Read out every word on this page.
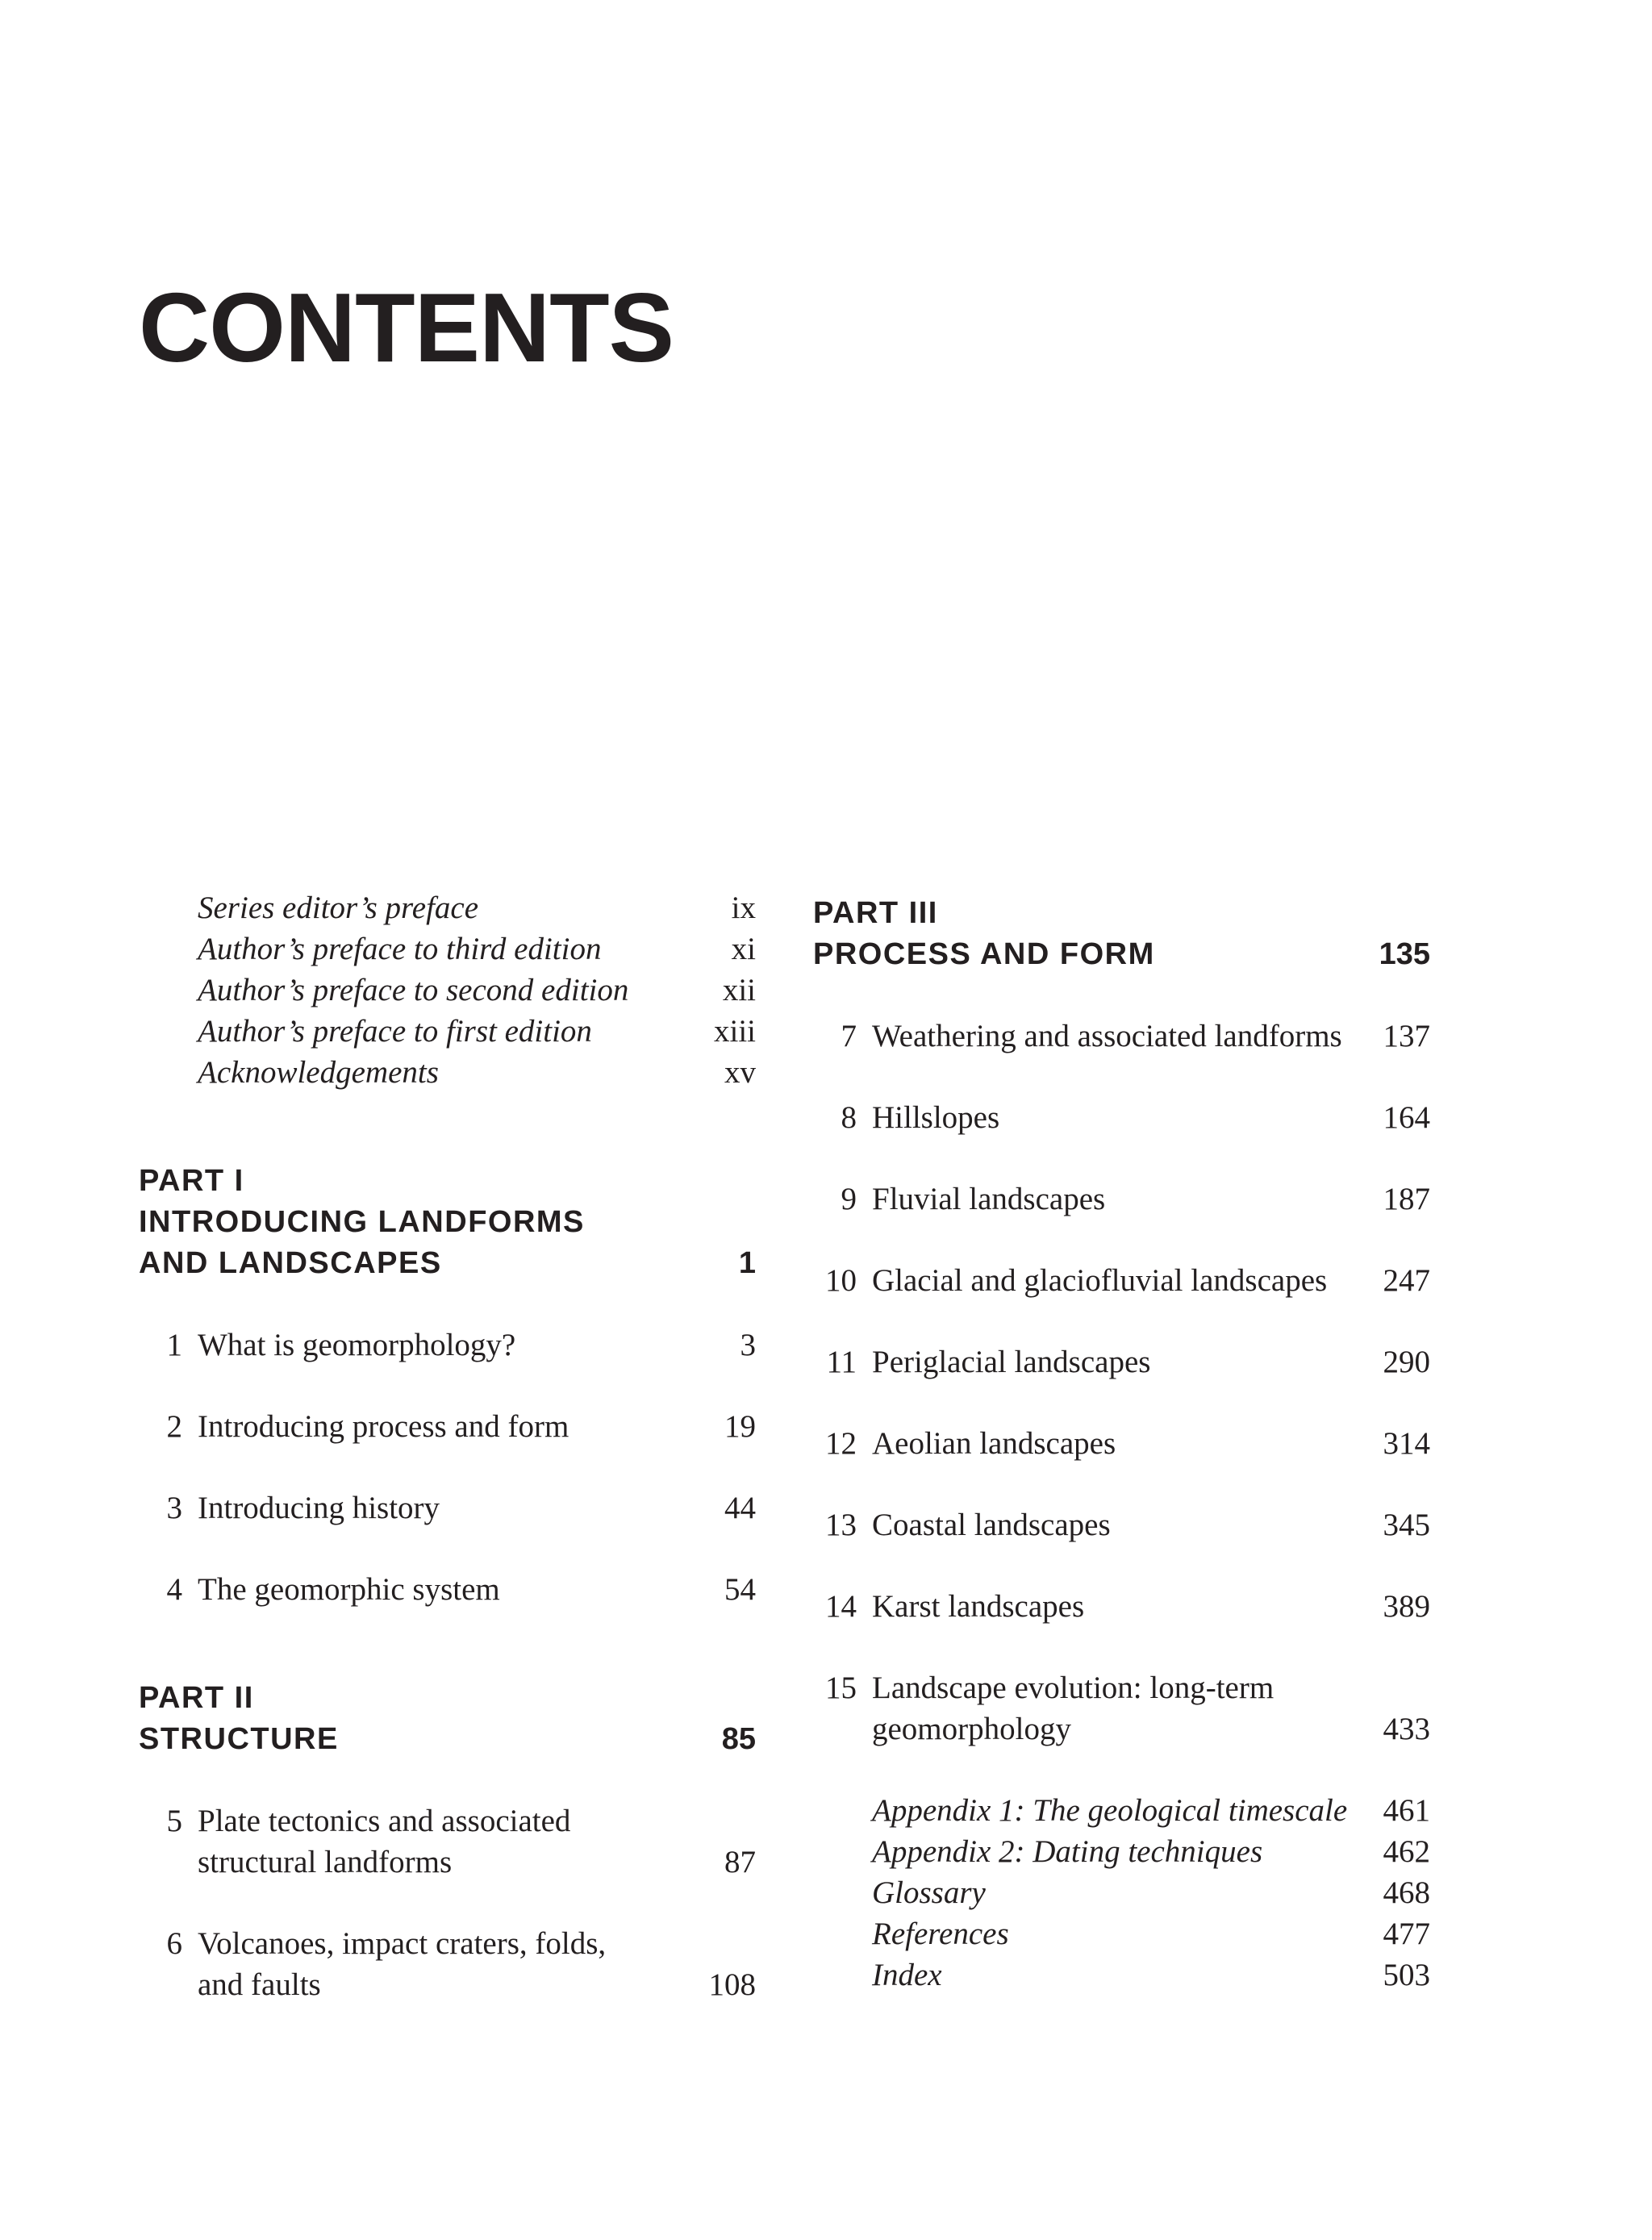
CONTENTS
Series editor’s preface	ix
Author’s preface to third edition	xi
Author’s preface to second edition	xii
Author’s preface to first edition	xiii
Acknowledgements	xv
PART I
INTRODUCING LANDFORMS
AND LANDSCAPES	1
1 What is geomorphology?	3
2 Introducing process and form	19
3 Introducing history	44
4 The geomorphic system	54
PART II
STRUCTURE	85
5 Plate tectonics and associated
structural landforms	87
6 Volcanoes, impact craters, folds,
and faults	108
PART III
PROCESS AND FORM	135
7 Weathering and associated landforms	137
8 Hillslopes	164
9 Fluvial landscapes	187
10 Glacial and glaciofluvial landscapes	247
11 Periglacial landscapes	290
12 Aeolian landscapes	314
13 Coastal landscapes	345
14 Karst landscapes	389
15 Landscape evolution: long-term
geomorphology	433
Appendix 1: The geological timescale	461
Appendix 2: Dating techniques	462
Glossary	468
References	477
Index	503
